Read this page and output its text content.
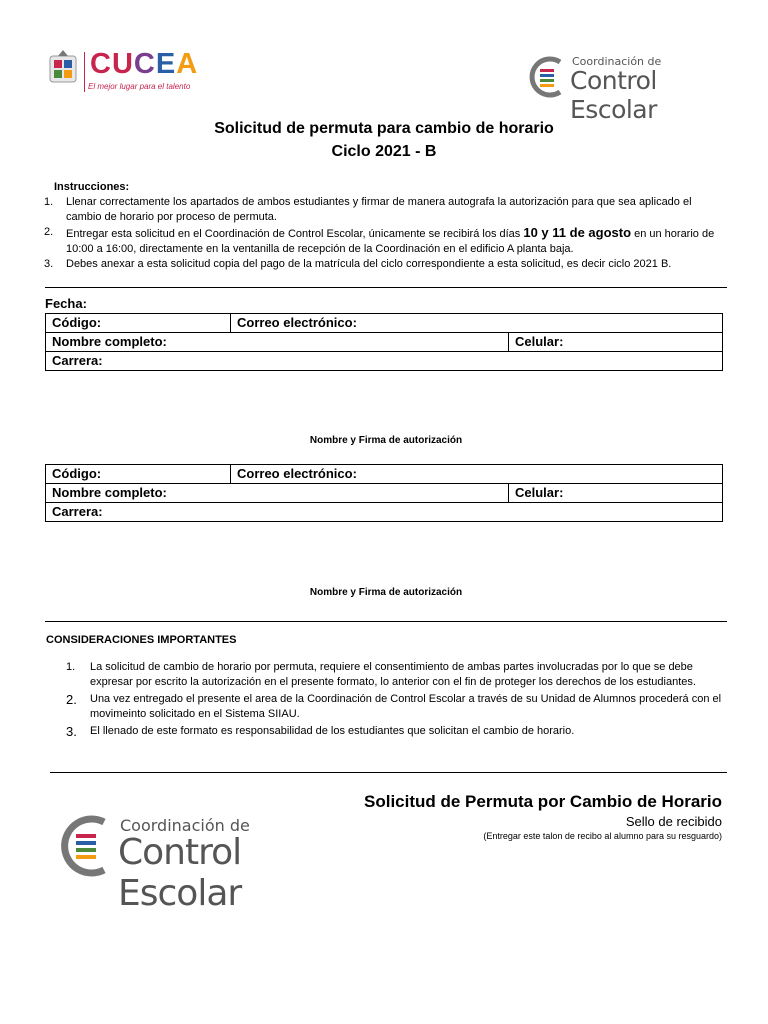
CUCEA
El mejor lugar para el talento
Coordinación de
Control Escolar
Solicitud de permuta para cambio de horario
Ciclo 2021 - B
Instrucciones:
1.	Llenar correctamente los apartados de ambos estudiantes y firmar de manera autografa la autorización para que sea aplicado el cambio de horario por proceso de permuta.
2.	Entregar esta solicitud en el Coordinación de Control Escolar, únicamente se recibirá los días 10 y 11 de agosto en un horario de 10:00 a 16:00, directamente en la ventanilla de recepción de la Coordinación en el edificio A planta baja.
3.	Debes anexar a esta solicitud copia del pago de la matrícula del ciclo correspondiente a esta solicitud, es decir ciclo 2021 B.
Fecha:
Código:	Correo electrónico:
Nombre completo:	Celular:
Carrera:
Nombre y Firma de autorización
Código:	Correo electrónico:
Nombre completo:	Celular:
Carrera:
Nombre y Firma de autorización
CONSIDERACIONES IMPORTANTES
1.	La solicitud de cambio de horario por permuta, requiere el consentimiento de ambas partes involucradas por lo que se debe expresar por escrito la autorización en el presente formato, lo anterior con el fin de proteger los derechos de los estudiantes.
2.	Una vez entregado el presente el area de la Coordinación de Control Escolar a través de su Unidad de Alumnos procederá con el movimeinto solicitado en el Sistema SIIAU.
3.	El llenado de este formato es responsabilidad de los estudiantes que solicitan el cambio de horario.
Coordinación de
Control Escolar
Solicitud de Permuta por Cambio de Horario
Sello de recibido
(Entregar este talon de recibo al alumno para su resguardo)
